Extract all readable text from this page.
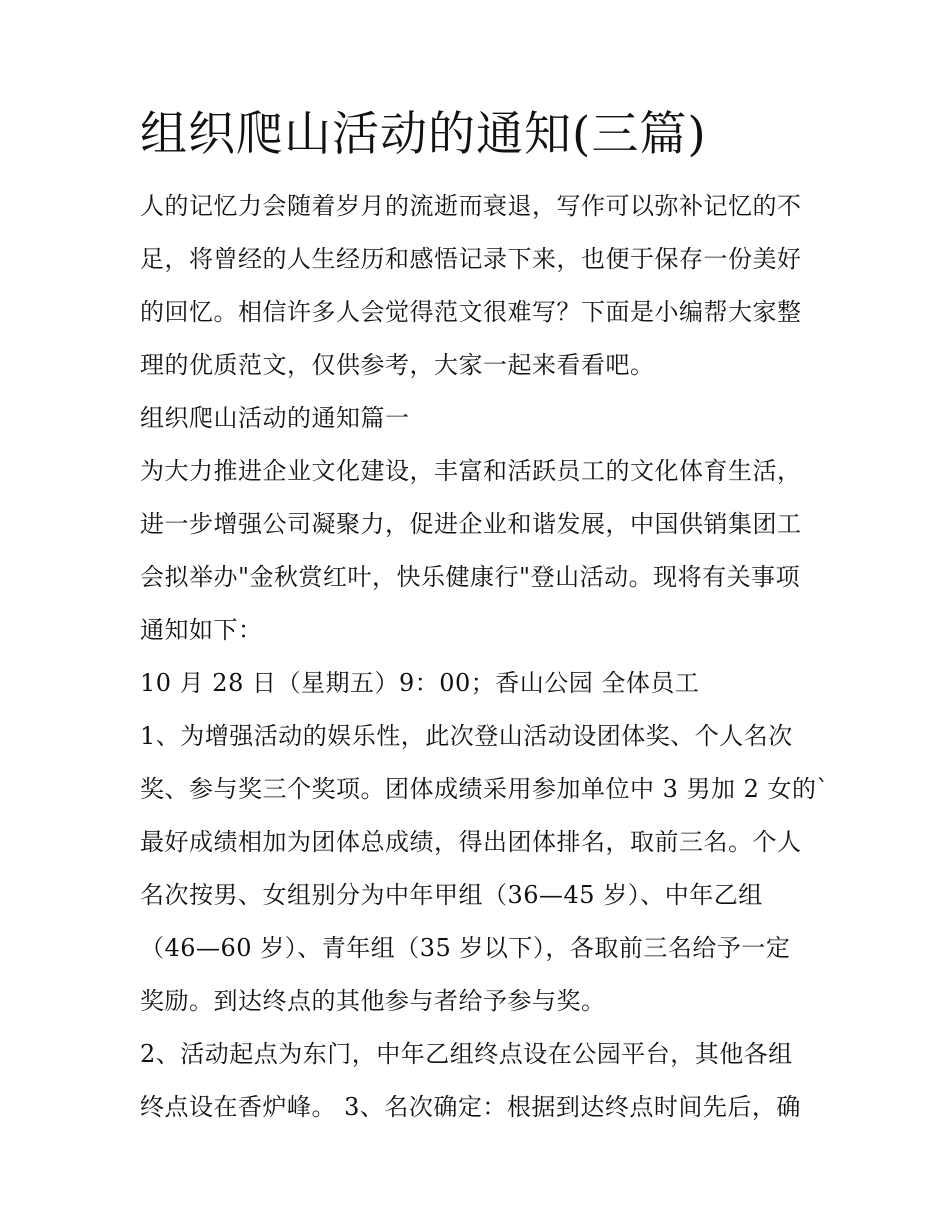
组织爬山活动的通知(三篇)

人的记忆力会随着岁月的流逝而衰退，写作可以弥补记忆的不
足，将曾经的人生经历和感悟记录下来，也便于保存一份美好
的回忆。相信许多人会觉得范文很难写？下面是小编帮大家整
理的优质范文，仅供参考，大家一起来看看吧。

组织爬山活动的通知篇一

为大力推进企业文化建设，丰富和活跃员工的文化体育生活，
进一步增强公司凝聚力，促进企业和谐发展，中国供销集团工
会拟举办"金秋赏红叶，快乐健康行"登山活动。现将有关事项
通知如下：

10 月 28 日（星期五）9：00；香山公园 全体员工

1、为增强活动的娱乐性，此次登山活动设团体奖、个人名次
奖、参与奖三个奖项。团体成绩采用参加单位中 3 男加 2 女的`
最好成绩相加为团体总成绩，得出团体排名，取前三名。个人
名次按男、女组别分为中年甲组（36—45 岁）、中年乙组
（46—60 岁）、青年组（35 岁以下），各取前三名给予一定
奖励。到达终点的其他参与者给予参与奖。

2、活动起点为东门，中年乙组终点设在公园平台，其他各组
终点设在香炉峰。 3、名次确定：根据到达终点时间先后，确
